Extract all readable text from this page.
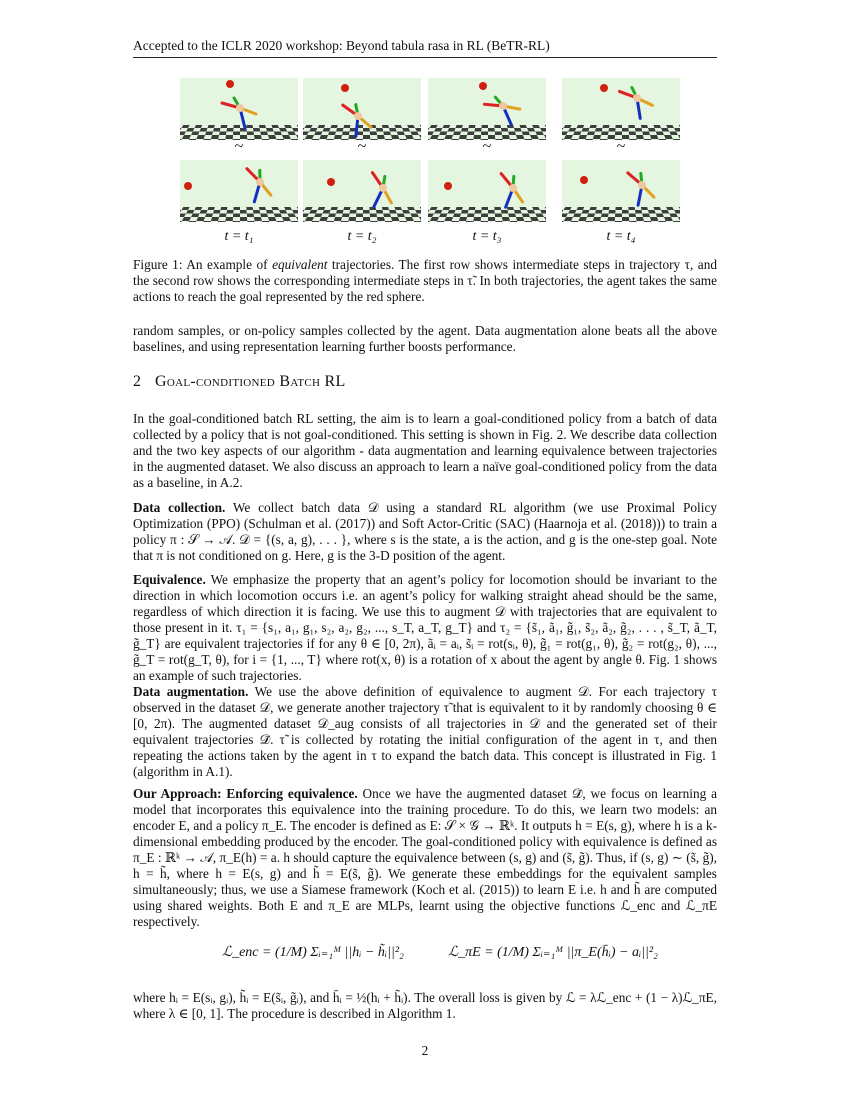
Accepted to the ICLR 2020 workshop: Beyond tabula rasa in RL (BeTR-RL)
~
t = t₁
~
t = t₂
~
t = t₃
~
t = t₄
Figure 1: An example of equivalent trajectories. The first row shows intermediate steps in trajectory τ, and the second row shows the corresponding intermediate steps in τ̃. In both trajectories, the agent takes the same actions to reach the goal represented by the red sphere.
random samples, or on-policy samples collected by the agent. Data augmentation alone beats all the above baselines, and using representation learning further boosts performance.
2 Goal-conditioned Batch RL
In the goal-conditioned batch RL setting, the aim is to learn a goal-conditioned policy from a batch of data collected by a policy that is not goal-conditioned. This setting is shown in Fig. 2. We describe data collection and the two key aspects of our algorithm - data augmentation and learning equivalence between trajectories in the augmented dataset. We also discuss an approach to learn a naïve goal-conditioned policy from the data as a baseline, in A.2.
Data collection. We collect batch data 𝒟 using a standard RL algorithm (we use Proximal Policy Optimization (PPO) (Schulman et al. (2017)) and Soft Actor-Critic (SAC) (Haarnoja et al. (2018))) to train a policy π : 𝒮 → 𝒜. 𝒟 = {(s, a, g), . . . }, where s is the state, a is the action, and g is the one-step goal. Note that π is not conditioned on g. Here, g is the 3-D position of the agent.
Equivalence. We emphasize the property that an agent’s policy for locomotion should be invariant to the direction in which locomotion occurs i.e. an agent’s policy for walking straight ahead should be the same, regardless of which direction it is facing. We use this to augment 𝒟 with trajectories that are equivalent to those present in it. τ₁ = {s₁, a₁, g₁, s₂, a₂, g₂, ..., s_T, a_T, g_T} and τ₂ = {s̃₁, ã₁, g̃₁, s̃₂, ã₂, g̃₂, . . . , s̃_T, ã_T, g̃_T} are equivalent trajectories if for any θ ∈ [0, 2π), ãᵢ = aᵢ, s̃ᵢ = rot(sᵢ, θ), g̃₁ = rot(g₁, θ), g̃₂ = rot(g₂, θ), ..., g̃_T = rot(g_T, θ), for i = {1, ..., T} where rot(x, θ) is a rotation of x about the agent by angle θ. Fig. 1 shows an example of such trajectories.
Data augmentation. We use the above definition of equivalence to augment 𝒟. For each trajectory τ observed in the dataset 𝒟, we generate another trajectory τ̃ that is equivalent to it by randomly choosing θ ∈ [0, 2π). The augmented dataset 𝒟_aug consists of all trajectories in 𝒟 and the generated set of their equivalent trajectories 𝒟̃. τ̃ is collected by rotating the initial configuration of the agent in τ, and then repeating the actions taken by the agent in τ to expand the batch data. This concept is illustrated in Fig. 1 (algorithm in A.1).
Our Approach: Enforcing equivalence. Once we have the augmented dataset 𝒟̃, we focus on learning a model that incorporates this equivalence into the training procedure. To do this, we learn two models: an encoder E, and a policy π_E. The encoder is defined as E: 𝒮 × 𝒢 → ℝᵏ. It outputs h = E(s, g), where h is a k-dimensional embedding produced by the encoder. The goal-conditioned policy with equivalence is defined as π_E : ℝᵏ → 𝒜, π_E(h) = a. h should capture the equivalence between (s, g) and (s̃, g̃). Thus, if (s, g) ∼ (s̃, g̃), h = h̃, where h = E(s, g) and h̃ = E(s̃, g̃). We generate these embeddings for the equivalent samples simultaneously; thus, we use a Siamese framework (Koch et al. (2015)) to learn E i.e. h and h̃ are computed using shared weights. Both E and π_E are MLPs, learnt using the objective functions ℒ_enc and ℒ_πE respectively.
ℒ_enc = (1/M) Σᵢ₌₁ᴹ ||hᵢ − h̃ᵢ||²₂	ℒ_πE = (1/M) Σᵢ₌₁ᴹ ||π_E(h̄ᵢ) − aᵢ||²₂
where hᵢ = E(sᵢ, gᵢ), h̃ᵢ = E(s̃ᵢ, g̃ᵢ), and h̄ᵢ = ½(hᵢ + h̃ᵢ). The overall loss is given by ℒ = λℒ_enc + (1 − λ)ℒ_πE, where λ ∈ [0, 1]. The procedure is described in Algorithm 1.
2
